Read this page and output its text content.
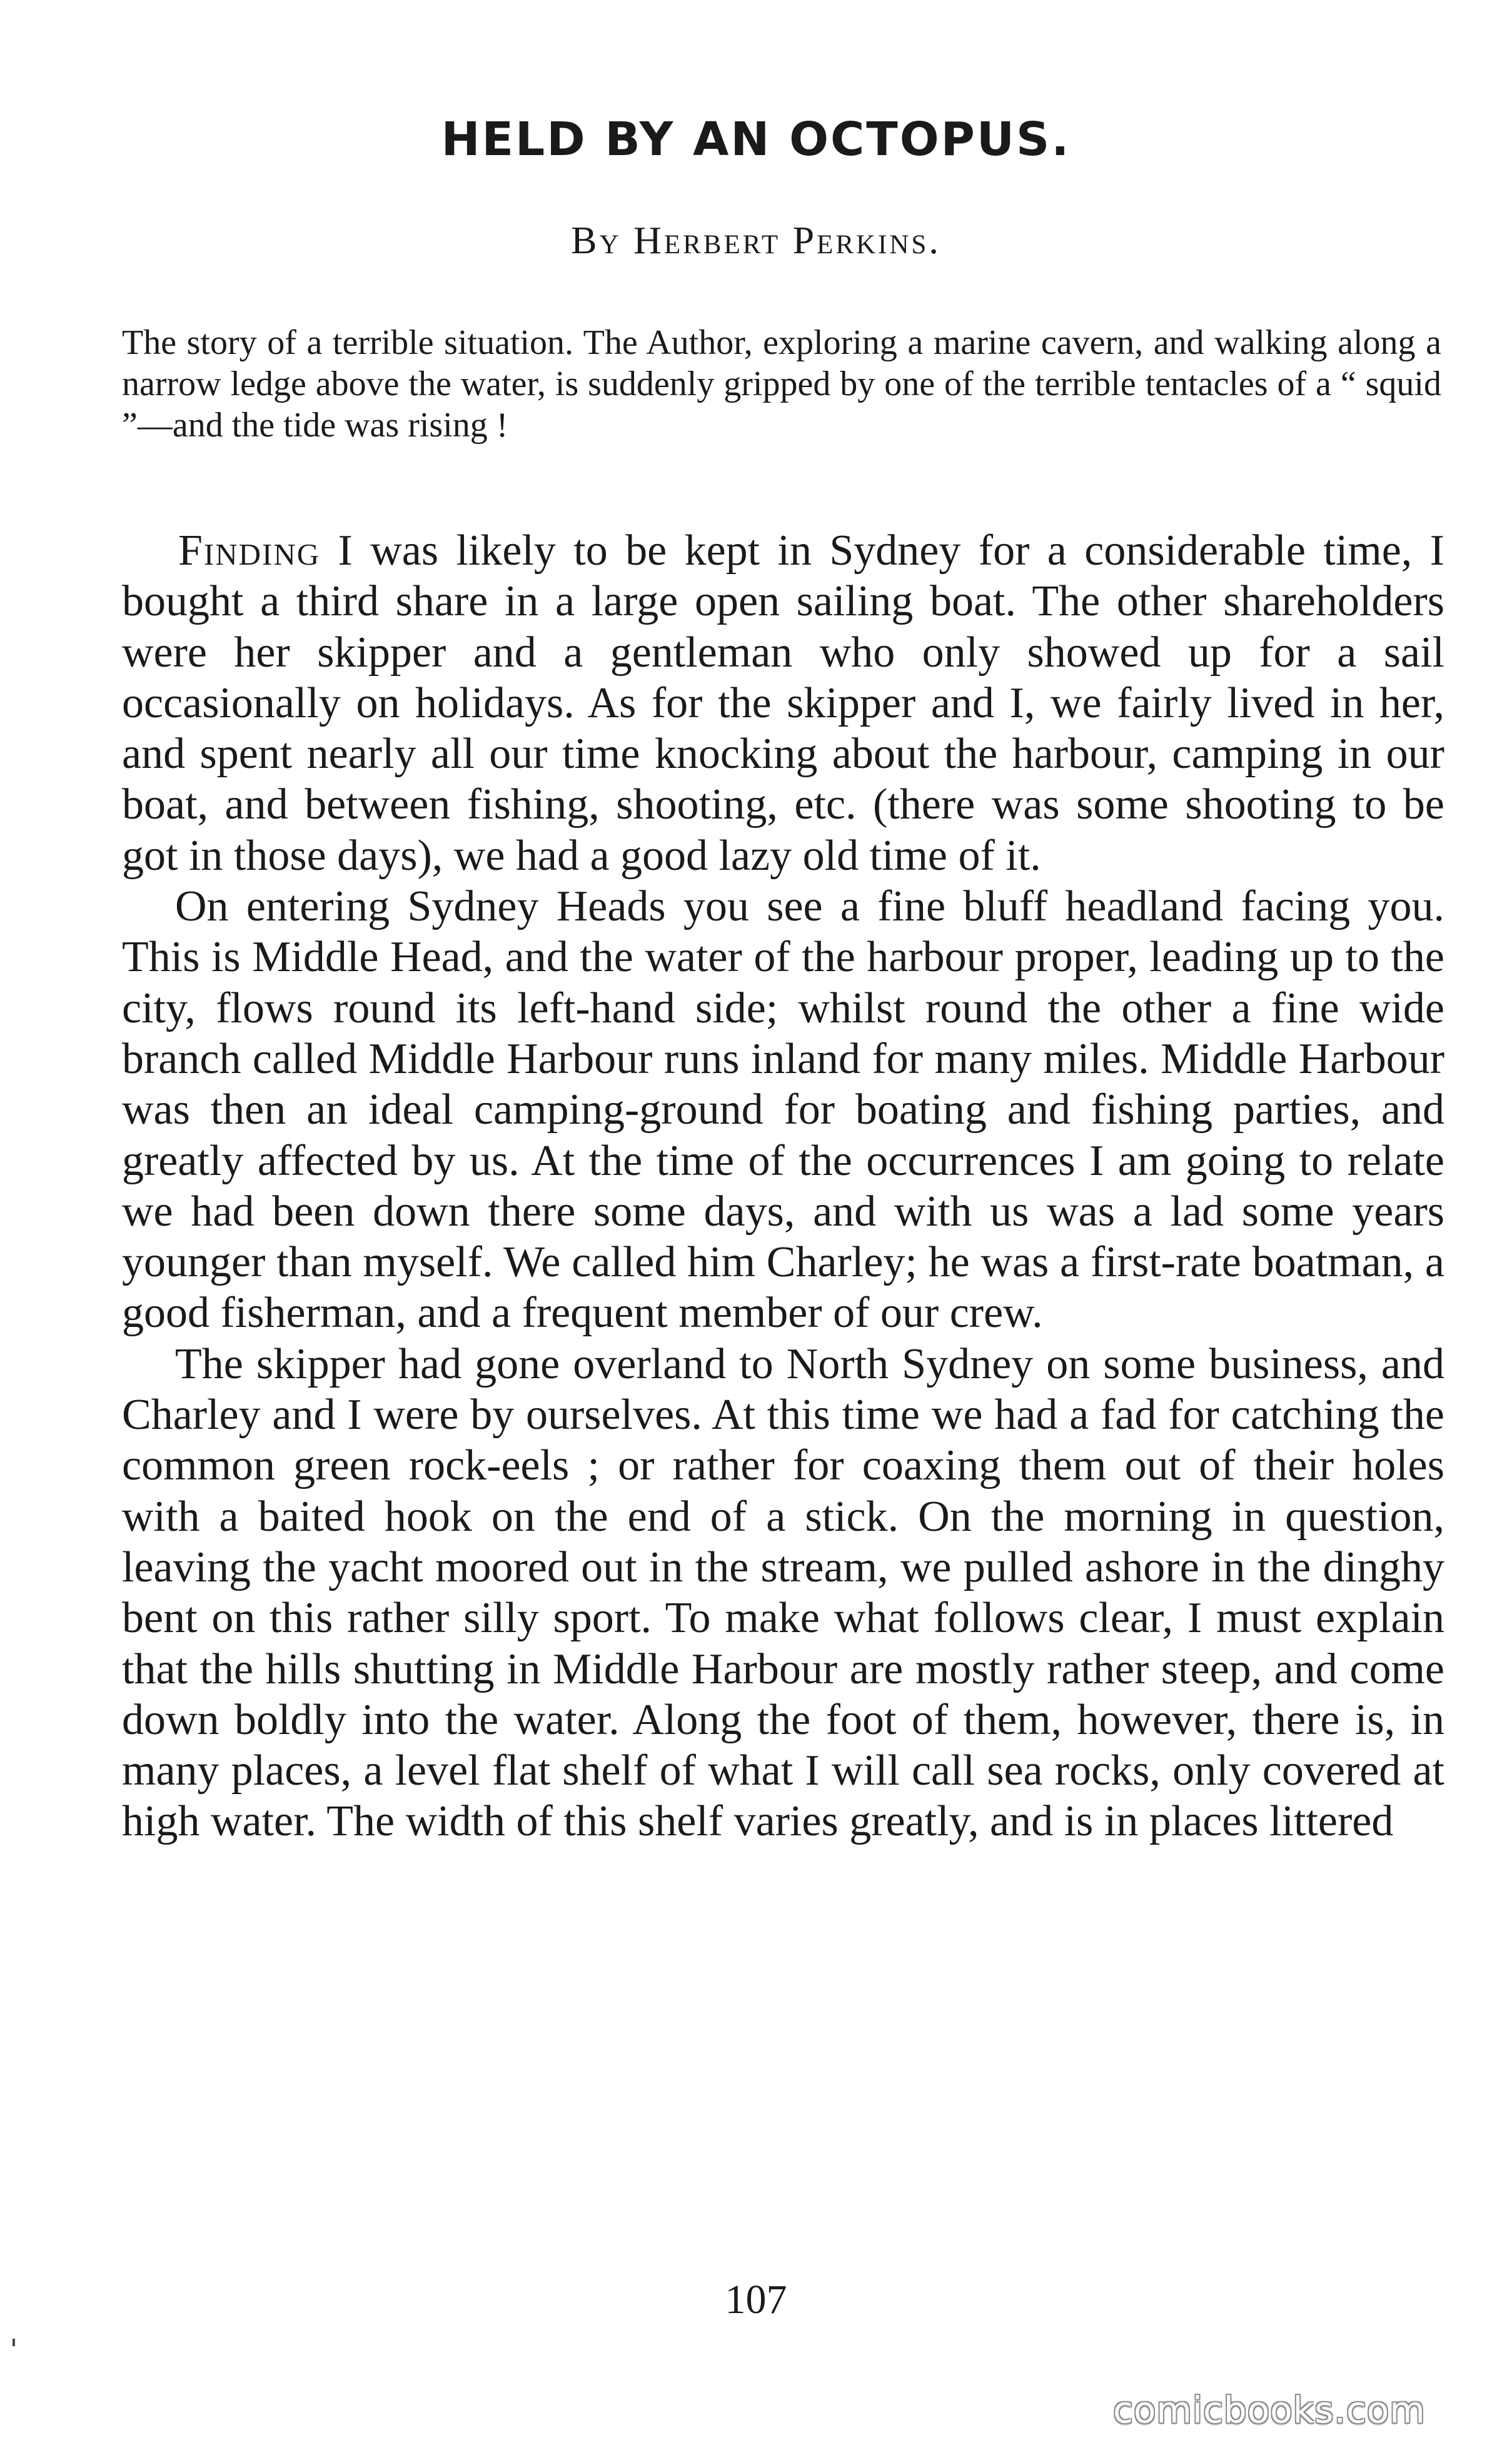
HELD BY AN OCTOPUS.
By Herbert Perkins.
The story of a terrible situation. The Author, exploring a marine cavern, and walking along a narrow ledge above the water, is suddenly gripped by one of the terrible tentacles of a “ squid ”—and the tide was rising !

Finding I was likely to be kept in Sydney for a considerable time, I bought a third share in a large open sailing boat. The other shareholders were her skipper and a gentleman who only showed up for a sail occasionally on holidays. As for the skipper and I, we fairly lived in her, and spent nearly all our time knocking about the harbour, camping in our boat, and between fishing, shooting, etc. (there was some shooting to be got in those days), we had a good lazy old time of it.

On entering Sydney Heads you see a fine bluff headland facing you. This is Middle Head, and the water of the harbour proper, leading up to the city, flows round its left-hand side; whilst round the other a fine wide branch called Middle Harbour runs inland for many miles. Middle Harbour was then an ideal camping-ground for boating and fishing parties, and greatly affected by us. At the time of the occurrences I am going to relate we had been down there some days, and with us was a lad some years younger than myself. We called him Charley; he was a first-rate boatman, a good fisherman, and a frequent member of our crew.

The skipper had gone overland to North Sydney on some business, and Charley and I were by ourselves. At this time we had a fad for catching the common green rock-eels ; or rather for coaxing them out of their holes with a baited hook on the end of a stick. On the morning in question, leaving the yacht moored out in the stream, we pulled ashore in the dinghy bent on this rather silly sport. To make what follows clear, I must explain that the hills shutting in Middle Harbour are mostly rather steep, and come down boldly into the water. Along the foot of them, however, there is, in many places, a level flat shelf of what I will call sea rocks, only covered at high water. The width of this shelf varies greatly, and is in places littered

107
comicbooks.com
